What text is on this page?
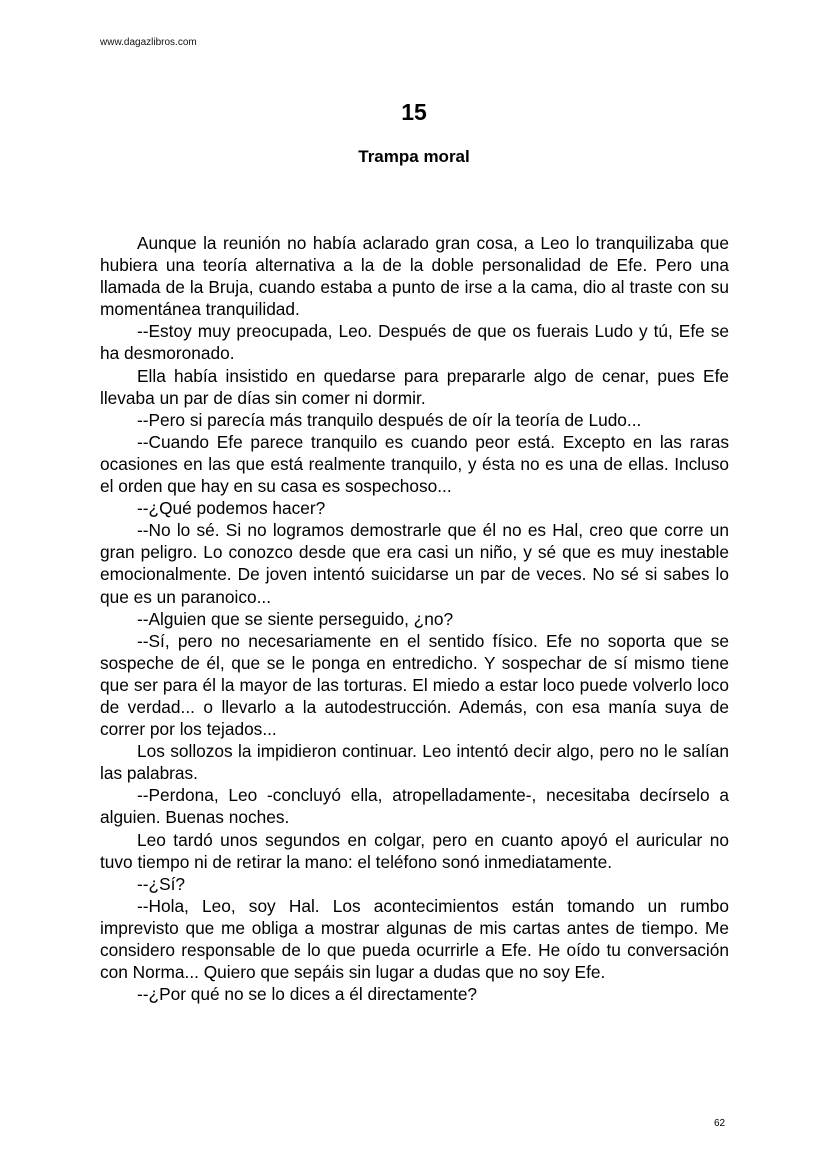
www.dagazlibros.com
15
Trampa moral

Aunque la reunión no había aclarado gran cosa, a Leo lo tranquilizaba que hubiera una teoría alternativa a la de la doble personalidad de Efe. Pero una llamada de la Bruja, cuando estaba a punto de irse a la cama, dio al traste con su momentánea tranquilidad.

--Estoy muy preocupada, Leo. Después de que os fuerais Ludo y tú, Efe se ha desmoronado.

Ella había insistido en quedarse para prepararle algo de cenar, pues Efe llevaba un par de días sin comer ni dormir.

--Pero si parecía más tranquilo después de oír la teoría de Ludo...

--Cuando Efe parece tranquilo es cuando peor está. Excepto en las raras ocasiones en las que está realmente tranquilo, y ésta no es una de ellas. Incluso el orden que hay en su casa es sospechoso...

--¿Qué podemos hacer?

--No lo sé. Si no logramos demostrarle que él no es Hal, creo que corre un gran peligro. Lo conozco desde que era casi un niño, y sé que es muy inestable emocionalmente. De joven intentó suicidarse un par de veces. No sé si sabes lo que es un paranoico...

--Alguien que se siente perseguido, ¿no?

--Sí, pero no necesariamente en el sentido físico. Efe no soporta que se sospeche de él, que se le ponga en entredicho. Y sospechar de sí mismo tiene que ser para él la mayor de las torturas. El miedo a estar loco puede volverlo loco de verdad... o llevarlo a la autodestrucción. Además, con esa manía suya de correr por los tejados...

Los sollozos la impidieron continuar. Leo intentó decir algo, pero no le salían las palabras.

--Perdona, Leo -concluyó ella, atropelladamente-, necesitaba decírselo a alguien. Buenas noches.

Leo tardó unos segundos en colgar, pero en cuanto apoyó el auricular no tuvo tiempo ni de retirar la mano: el teléfono sonó inmediatamente.

--¿Sí?

--Hola, Leo, soy Hal. Los acontecimientos están tomando un rumbo imprevisto que me obliga a mostrar algunas de mis cartas antes de tiempo. Me considero responsable de lo que pueda ocurrirle a Efe. He oído tu conversación con Norma... Quiero que sepáis sin lugar a dudas que no soy Efe.

--¿Por qué no se lo dices a él directamente?

62
